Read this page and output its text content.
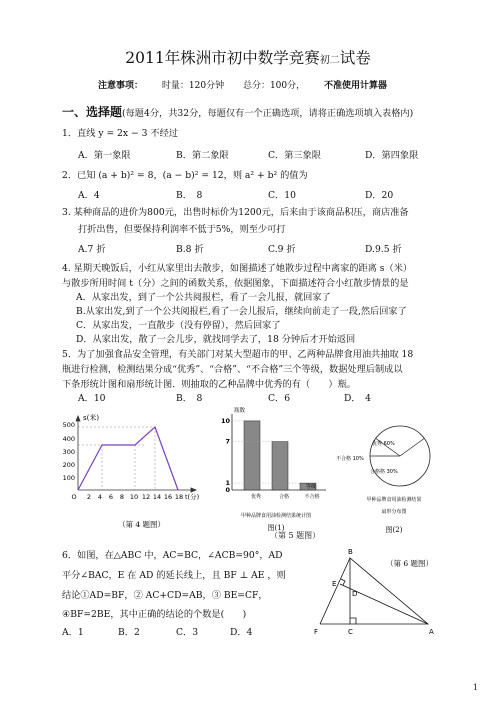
2011年株洲市初中数学竞赛初二试卷
注意事项： 时量：120分钟 总分：100分， 不准使用计算器
一、选择题(每题4分，共32分，每题仅有一个正确选项，请将正确选项填入表格内)
1．直线 y = 2x − 3 不经过
A．第一象限	B．第二象限	C．第三象限	D．第四象限
2．已知 (a + b)² = 8，(a − b)² = 12，则 a² + b² 的值为
A．4	B．　8	C．10	D．20
3. 某种商品的进价为800元，出售时标价为1200元，后来由于该商品积压，商店准备
打折出售，但要保持利润率不低于5%，则至少可打
A.7 折	B.8 折	C.9 折	D.9.5 折
4. 星期天晚饭后，小红从家里出去散步，如图描述了她散步过程中离家的距离 s（米）
与散步所用时间 t（分）之间的函数关系，依据图象，下面描述符合小红散步情景的是
A．从家出发，到了一个公共阅报栏，看了一会儿报，就回家了
B.从家出发,到了一个公共阅报栏,看了一会儿报后，继续向前走了一段,然后回家了
C．从家出发，一直散步（没有停留），然后回家了
D．从家出发，散了一会儿步，就找同学去了，18 分钟后才开始返回
5．为了加强食品安全管理，有关部门对某大型超市的甲、乙两种品牌食用油共抽取 18
瓶进行检测，检测结果分成“优秀”、“合格”、“不合格”三个等级，数据处理后制成以
下条形统计图和扇形统计图．则抽取的乙种品牌中优秀的有（　　）瓶。
A．10	B．　8	C．6	D．　4
s(米)
500
400
300
200
100
O 2 4 6 8 10 12 14 16 18 t(分)
（第 4 题图）
瓶数
10
7
1
0
优秀	合格	不合格
等级
甲种品牌食用油检测结果统计图
图(1)
（第 5 题图）
优秀 60%
不合格 10%
合格格 30%
甲种品牌食用油检测结果
扇形分布图
图(2)
6．如图，在△ABC 中，AC=BC，∠ACB=90°，AD
平分∠BAC，E 在 AD 的延长线上，且 BF ⊥ AE ，则
结论①AD=BF，② AC+CD=AB，③ BE=CF，
④BF=2BE，其中正确的结论的个数是(　　)
A．1	B．2	C．3	D．4
B
E
D
F	C	A
（第 6 题图）
1
